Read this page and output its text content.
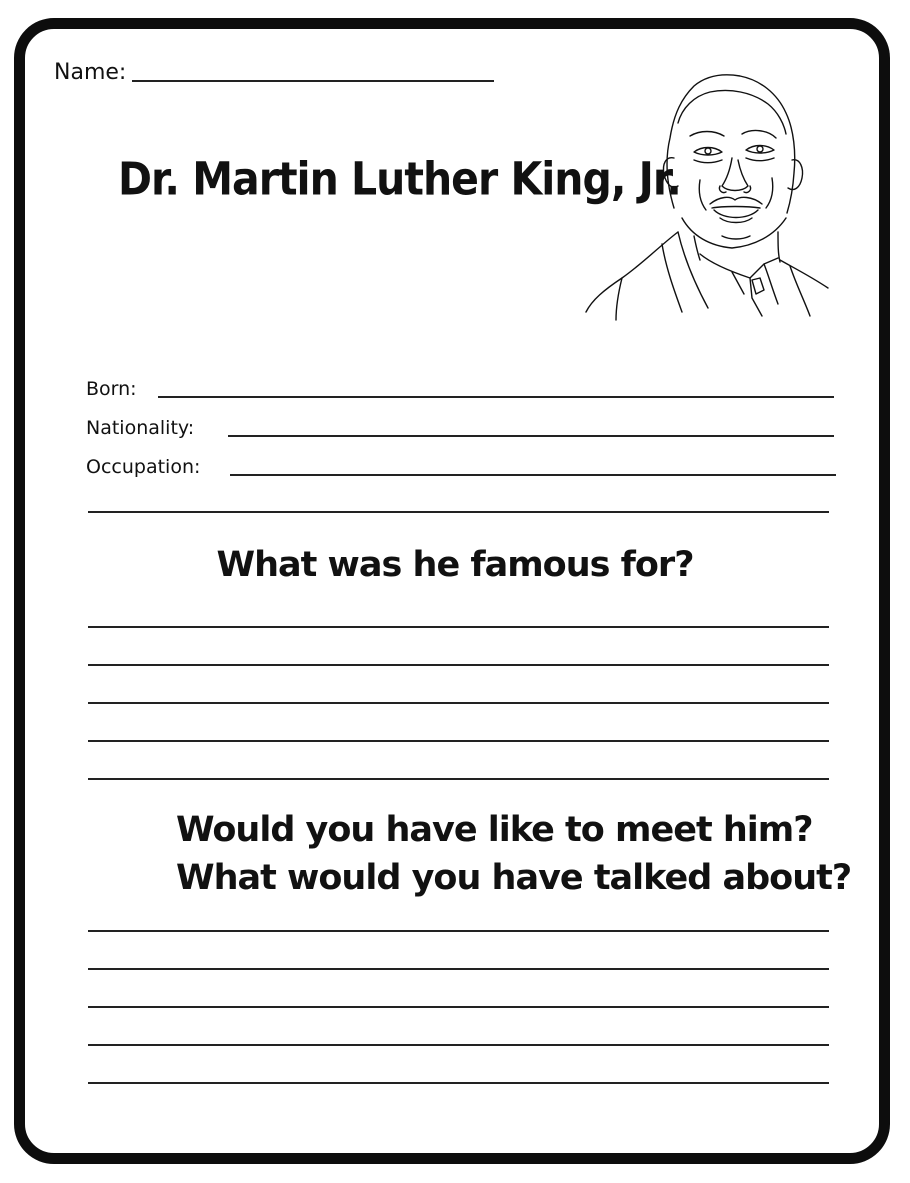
Name:
Dr. Martin Luther King, Jr.
Born:
Nationality:
Occupation:
What was he famous for?
Would you have like to meet him?
What would you have talked about?
